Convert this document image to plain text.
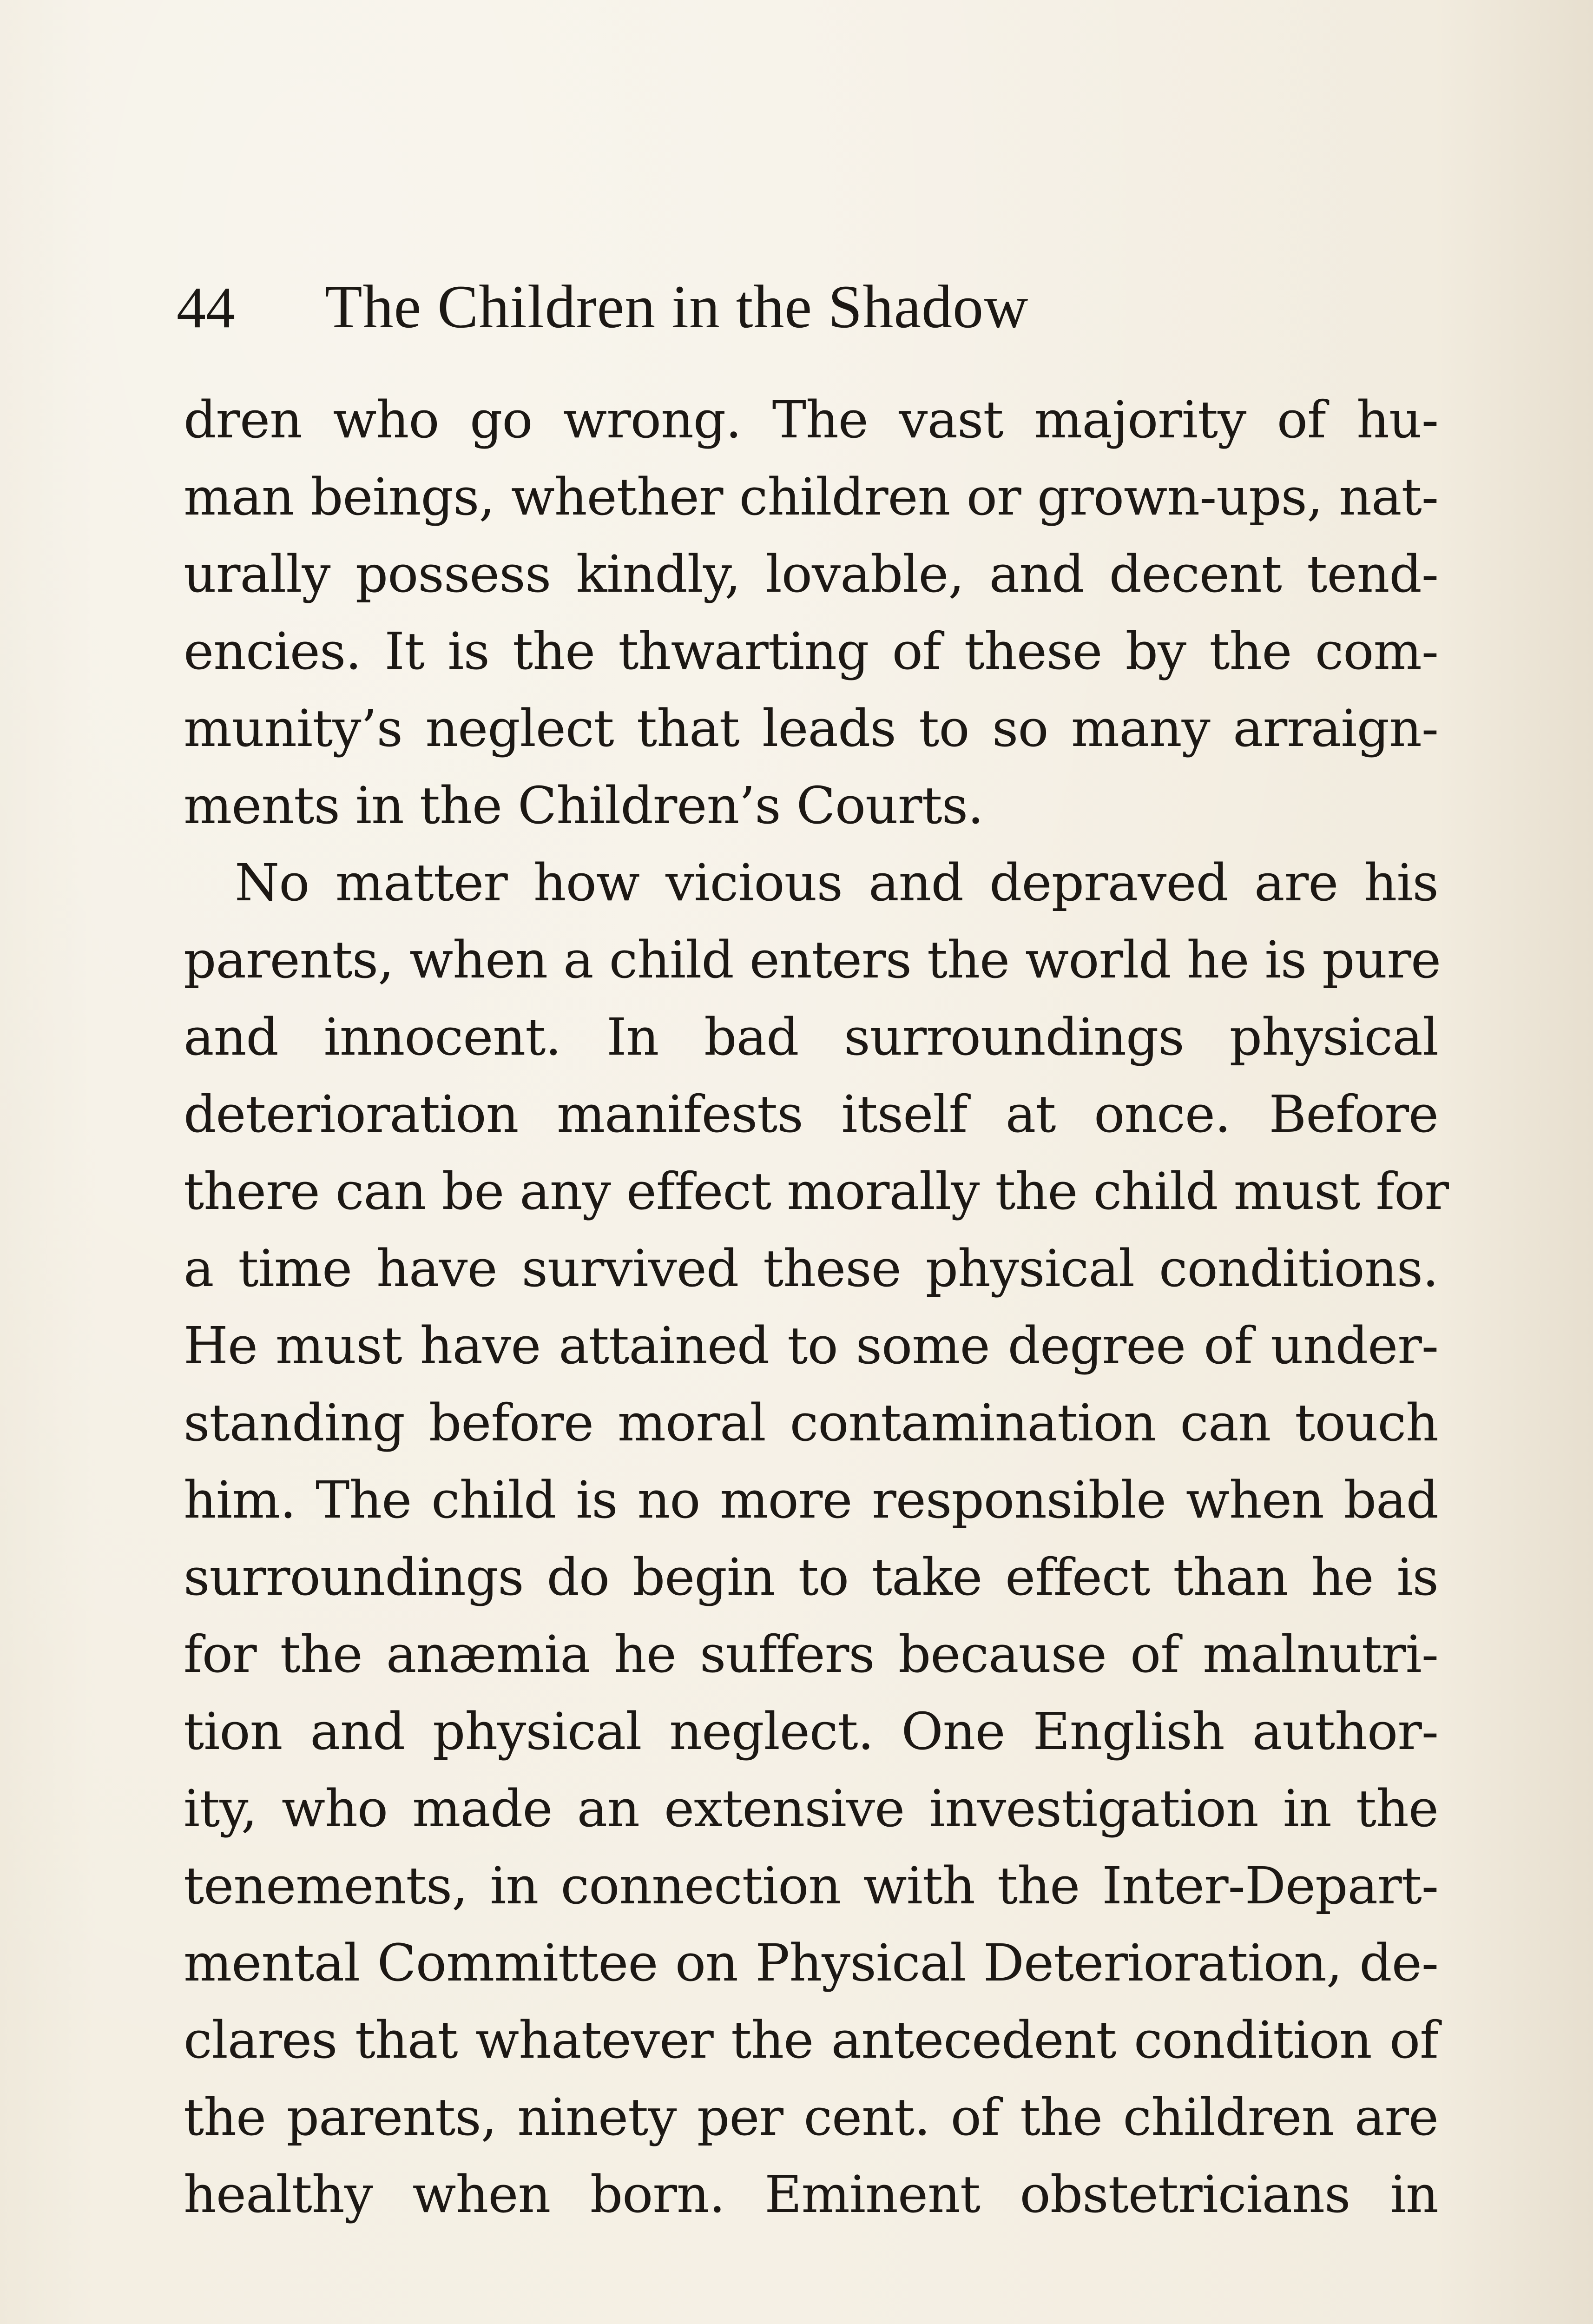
44 The Children in the Shadow
dren who go wrong. The vast majority of hu-
man beings, whether children or grown-ups, nat-
urally possess kindly, lovable, and decent tend-
encies. It is the thwarting of these by the com-
munity’s neglect that leads to so many arraign-
ments in the Children’s Courts.
No matter how vicious and depraved are his
parents, when a child enters the world he is pure
and innocent. In bad surroundings physical
deterioration manifests itself at once. Before
there can be any effect morally the child must for
a time have survived these physical conditions.
He must have attained to some degree of under-
standing before moral contamination can touch
him. The child is no more responsible when bad
surroundings do begin to take effect than he is
for the anæmia he suffers because of malnutri-
tion and physical neglect. One English author-
ity, who made an extensive investigation in the
tenements, in connection with the Inter-Depart-
mental Committee on Physical Deterioration, de-
clares that whatever the antecedent condition of
the parents, ninety per cent. of the children are
healthy when born. Eminent obstetricians in
